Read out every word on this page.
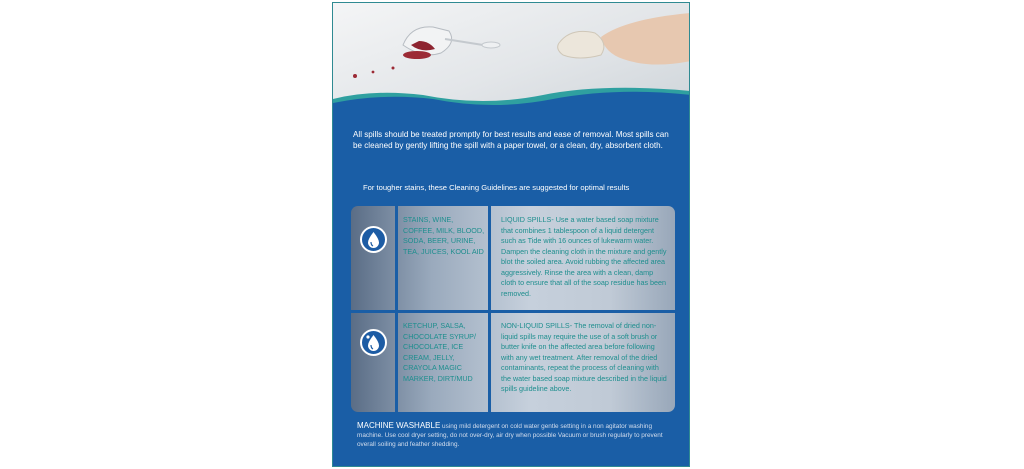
All spills should be treated promptly for best results and ease of removal. Most spills can be cleaned by gently lifting the spill with a paper towel, or a clean, dry, absorbent cloth.

For tougher stains, these Cleaning Guidelines are suggested for optimal results

STAINS, WINE, COFFEE, MILK, BLOOD, SODA, BEER, URINE, TEA, JUICES, KOOL AID
LIQUID SPILLS- Use a water based soap mixture that combines 1 tablespoon of a liquid detergent such as Tide with 16 ounces of lukewarm water. Dampen the cleaning cloth in the mixture and gently blot the soiled area. Avoid rubbing the affected area aggressively. Rinse the area with a clean, damp cloth to ensure that all of the soap residue has been removed.
KETCHUP, SALSA, CHOCOLATE SYRUP/ CHOCOLATE, ICE CREAM, JELLY, CRAYOLA MAGIC MARKER, DIRT/MUD
NON-LIQUID SPILLS- The removal of dried non-liquid spills may require the use of a soft brush or butter knife on the affected area before following with any wet treatment. After removal of the dried contaminants, repeat the process of cleaning with the water based soap mixture described in the liquid spills guideline above.

MACHINE WASHABLE using mild detergent on cold water gentle setting in a non agitator washing machine. Use cool dryer setting, do not over-dry, air dry when possible Vacuum or brush regularly to prevent overall soiling and feather shedding.
